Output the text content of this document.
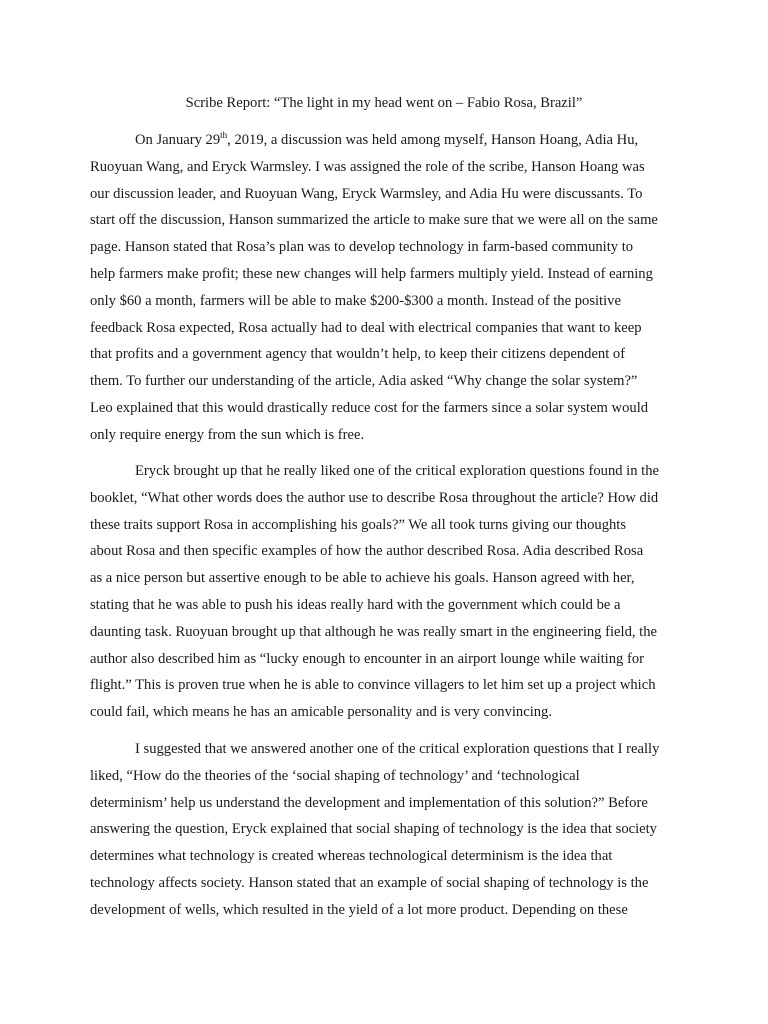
Scribe Report: “The light in my head went on – Fabio Rosa, Brazil”

On January 29th, 2019, a discussion was held among myself, Hanson Hoang, Adia Hu,
Ruoyuan Wang, and Eryck Warmsley. I was assigned the role of the scribe, Hanson Hoang was
our discussion leader, and Ruoyuan Wang, Eryck Warmsley, and Adia Hu were discussants. To
start off the discussion, Hanson summarized the article to make sure that we were all on the same
page. Hanson stated that Rosa’s plan was to develop technology in farm-based community to
help farmers make profit; these new changes will help farmers multiply yield. Instead of earning
only $60 a month, farmers will be able to make $200-$300 a month. Instead of the positive
feedback Rosa expected, Rosa actually had to deal with electrical companies that want to keep
that profits and a government agency that wouldn’t help, to keep their citizens dependent of
them. To further our understanding of the article, Adia asked “Why change the solar system?”
Leo explained that this would drastically reduce cost for the farmers since a solar system would
only require energy from the sun which is free.

Eryck brought up that he really liked one of the critical exploration questions found in the
booklet, “What other words does the author use to describe Rosa throughout the article? How did
these traits support Rosa in accomplishing his goals?” We all took turns giving our thoughts
about Rosa and then specific examples of how the author described Rosa. Adia described Rosa
as a nice person but assertive enough to be able to achieve his goals. Hanson agreed with her,
stating that he was able to push his ideas really hard with the government which could be a
daunting task. Ruoyuan brought up that although he was really smart in the engineering field, the
author also described him as “lucky enough to encounter in an airport lounge while waiting for
flight.” This is proven true when he is able to convince villagers to let him set up a project which
could fail, which means he has an amicable personality and is very convincing.

I suggested that we answered another one of the critical exploration questions that I really
liked, “How do the theories of the ‘social shaping of technology’ and ‘technological
determinism’ help us understand the development and implementation of this solution?” Before
answering the question, Eryck explained that social shaping of technology is the idea that society
determines what technology is created whereas technological determinism is the idea that
technology affects society. Hanson stated that an example of social shaping of technology is the
development of wells, which resulted in the yield of a lot more product. Depending on these
